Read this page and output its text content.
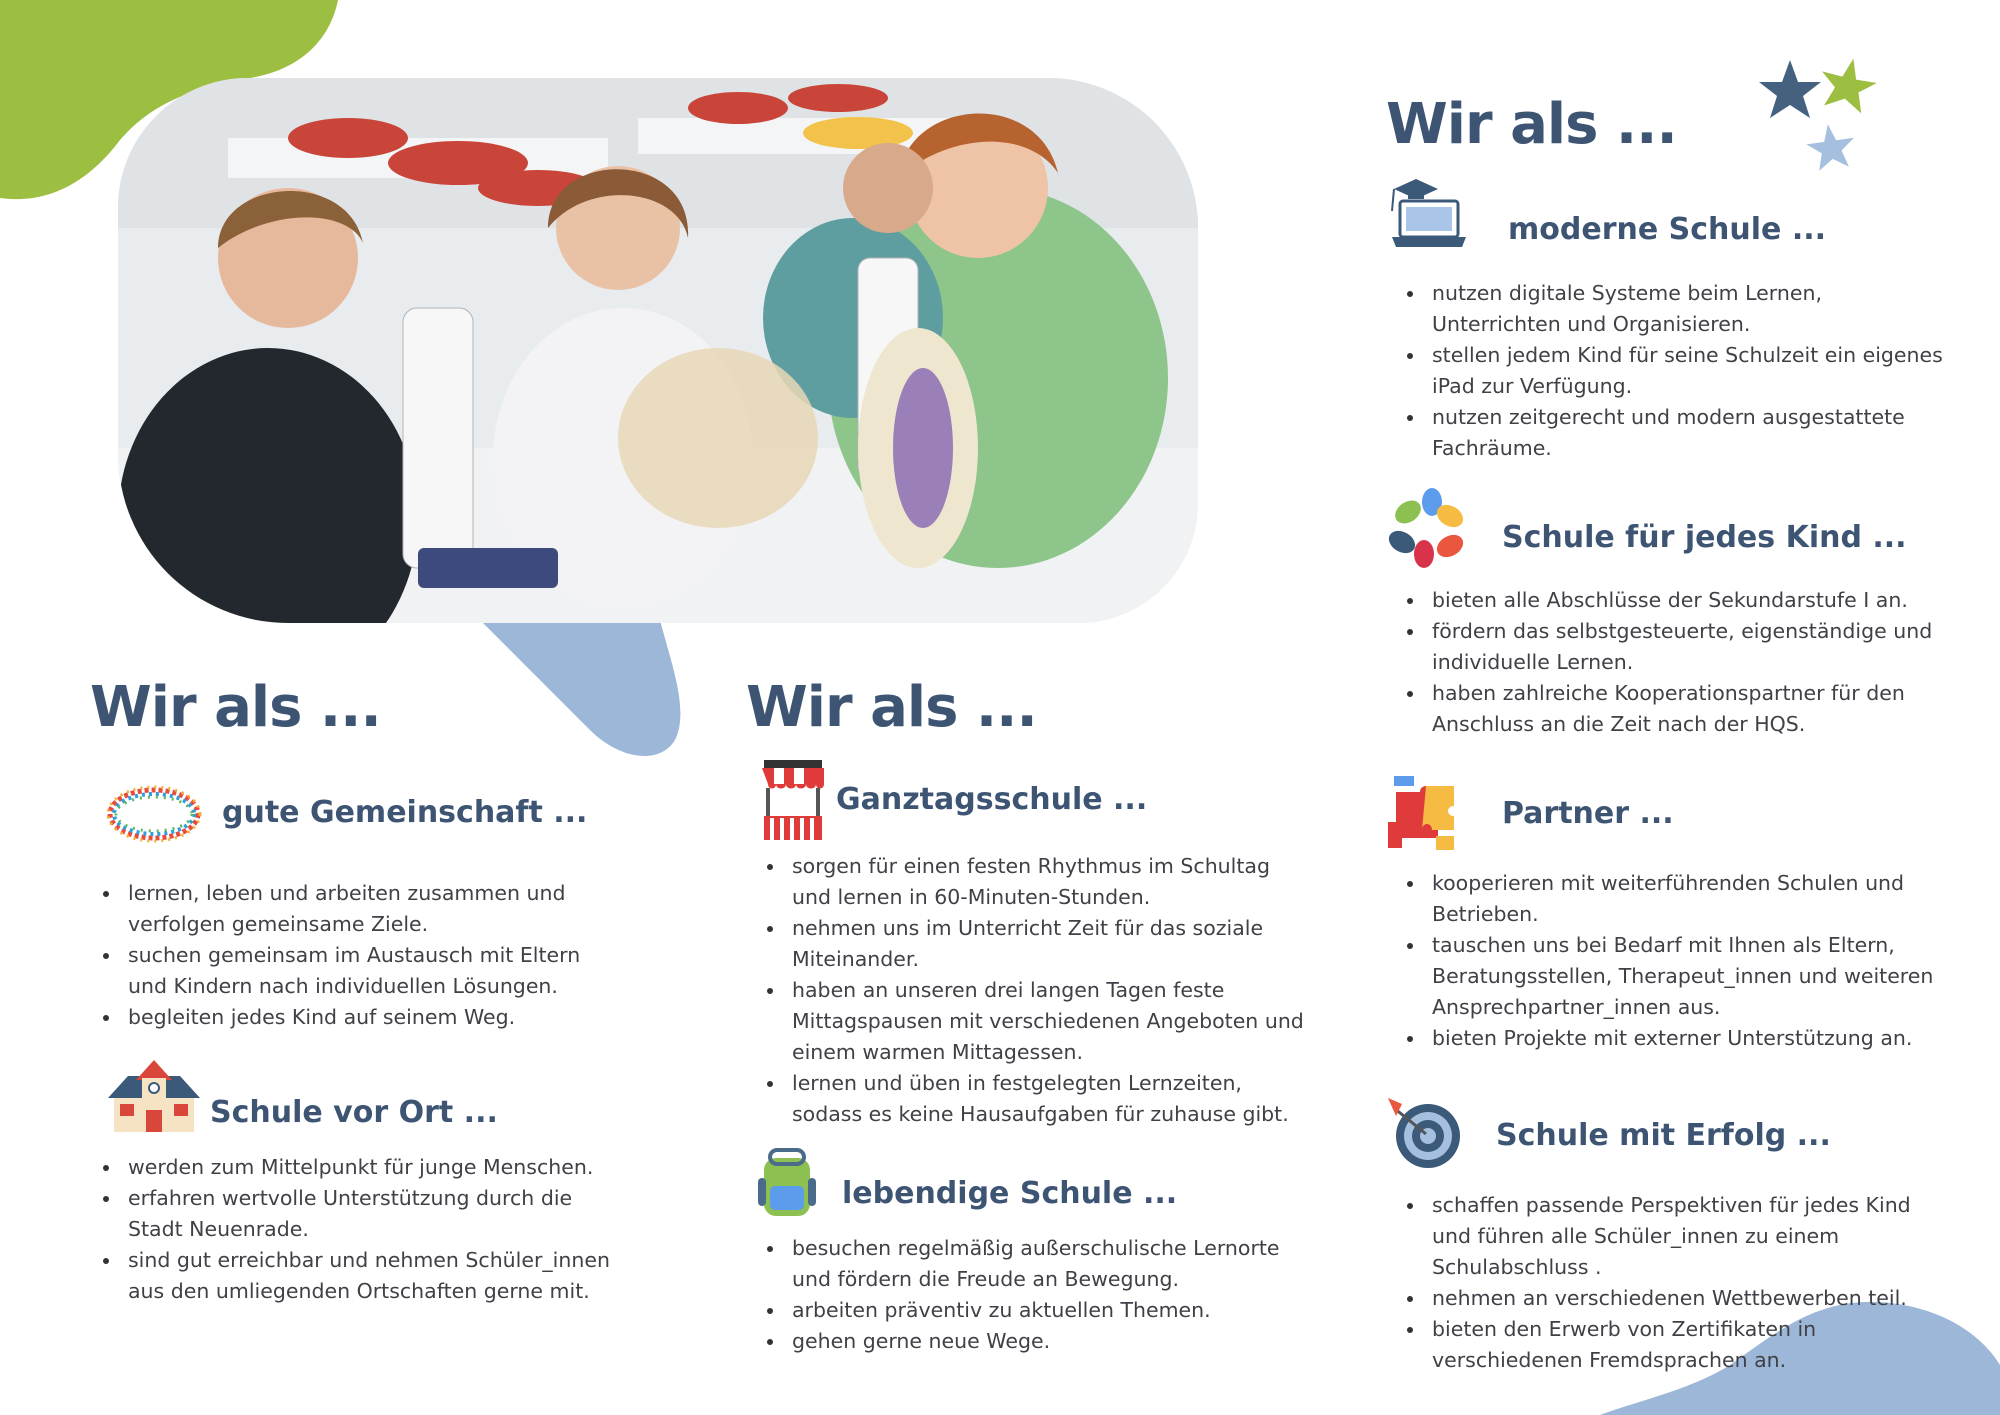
Wir als ...	Wir als ...
Wir als ...
gute Gemeinschaft ...
• lernen, leben und arbeiten zusammen und verfolgen gemeinsame Ziele.
• suchen gemeinsam im Austausch mit Eltern und Kindern nach individuellen Lösungen.
• begleiten jedes Kind auf seinem Weg.
Schule vor Ort ...
• werden zum Mittelpunkt für junge Menschen.
• erfahren wertvolle Unterstützung durch die Stadt Neuenrade.
• sind gut erreichbar und nehmen Schüler_innen aus den umliegenden Ortschaften gerne mit.
Ganztagsschule ...
• sorgen für einen festen Rhythmus im Schultag und lernen in 60-Minuten-Stunden.
• nehmen uns im Unterricht Zeit für das soziale Miteinander.
• haben an unseren drei langen Tagen feste Mittagspausen mit verschiedenen Angeboten und einem warmen Mittagessen.
• lernen und üben in festgelegten Lernzeiten, sodass es keine Hausaufgaben für zuhause gibt.
lebendige Schule ...
• besuchen regelmäßig außerschulische Lernorte und fördern die Freude an Bewegung.
• arbeiten präventiv zu aktuellen Themen.
• gehen gerne neue Wege.
moderne Schule ...
• nutzen digitale Systeme beim Lernen, Unterrichten und Organisieren.
• stellen jedem Kind für seine Schulzeit ein eigenes iPad zur Verfügung.
• nutzen zeitgerecht und modern ausgestattete Fachräume.
Schule für jedes Kind ...
• bieten alle Abschlüsse der Sekundarstufe I an.
• fördern das selbstgesteuerte, eigenständige und individuelle Lernen.
• haben zahlreiche Kooperationspartner für den Anschluss an die Zeit nach der HQS.
Partner ...
• kooperieren mit weiterführenden Schulen und Betrieben.
• tauschen uns bei Bedarf mit Ihnen als Eltern, Beratungsstellen, Therapeut_innen und weiteren Ansprechpartner_innen aus.
• bieten Projekte mit externer Unterstützung an.
Schule mit Erfolg ...
• schaffen passende Perspektiven für jedes Kind und führen alle Schüler_innen zu einem Schulabschluss .
• nehmen an verschiedenen Wettbewerben teil.
• bieten den Erwerb von Zertifikaten in verschiedenen Fremdsprachen an.
